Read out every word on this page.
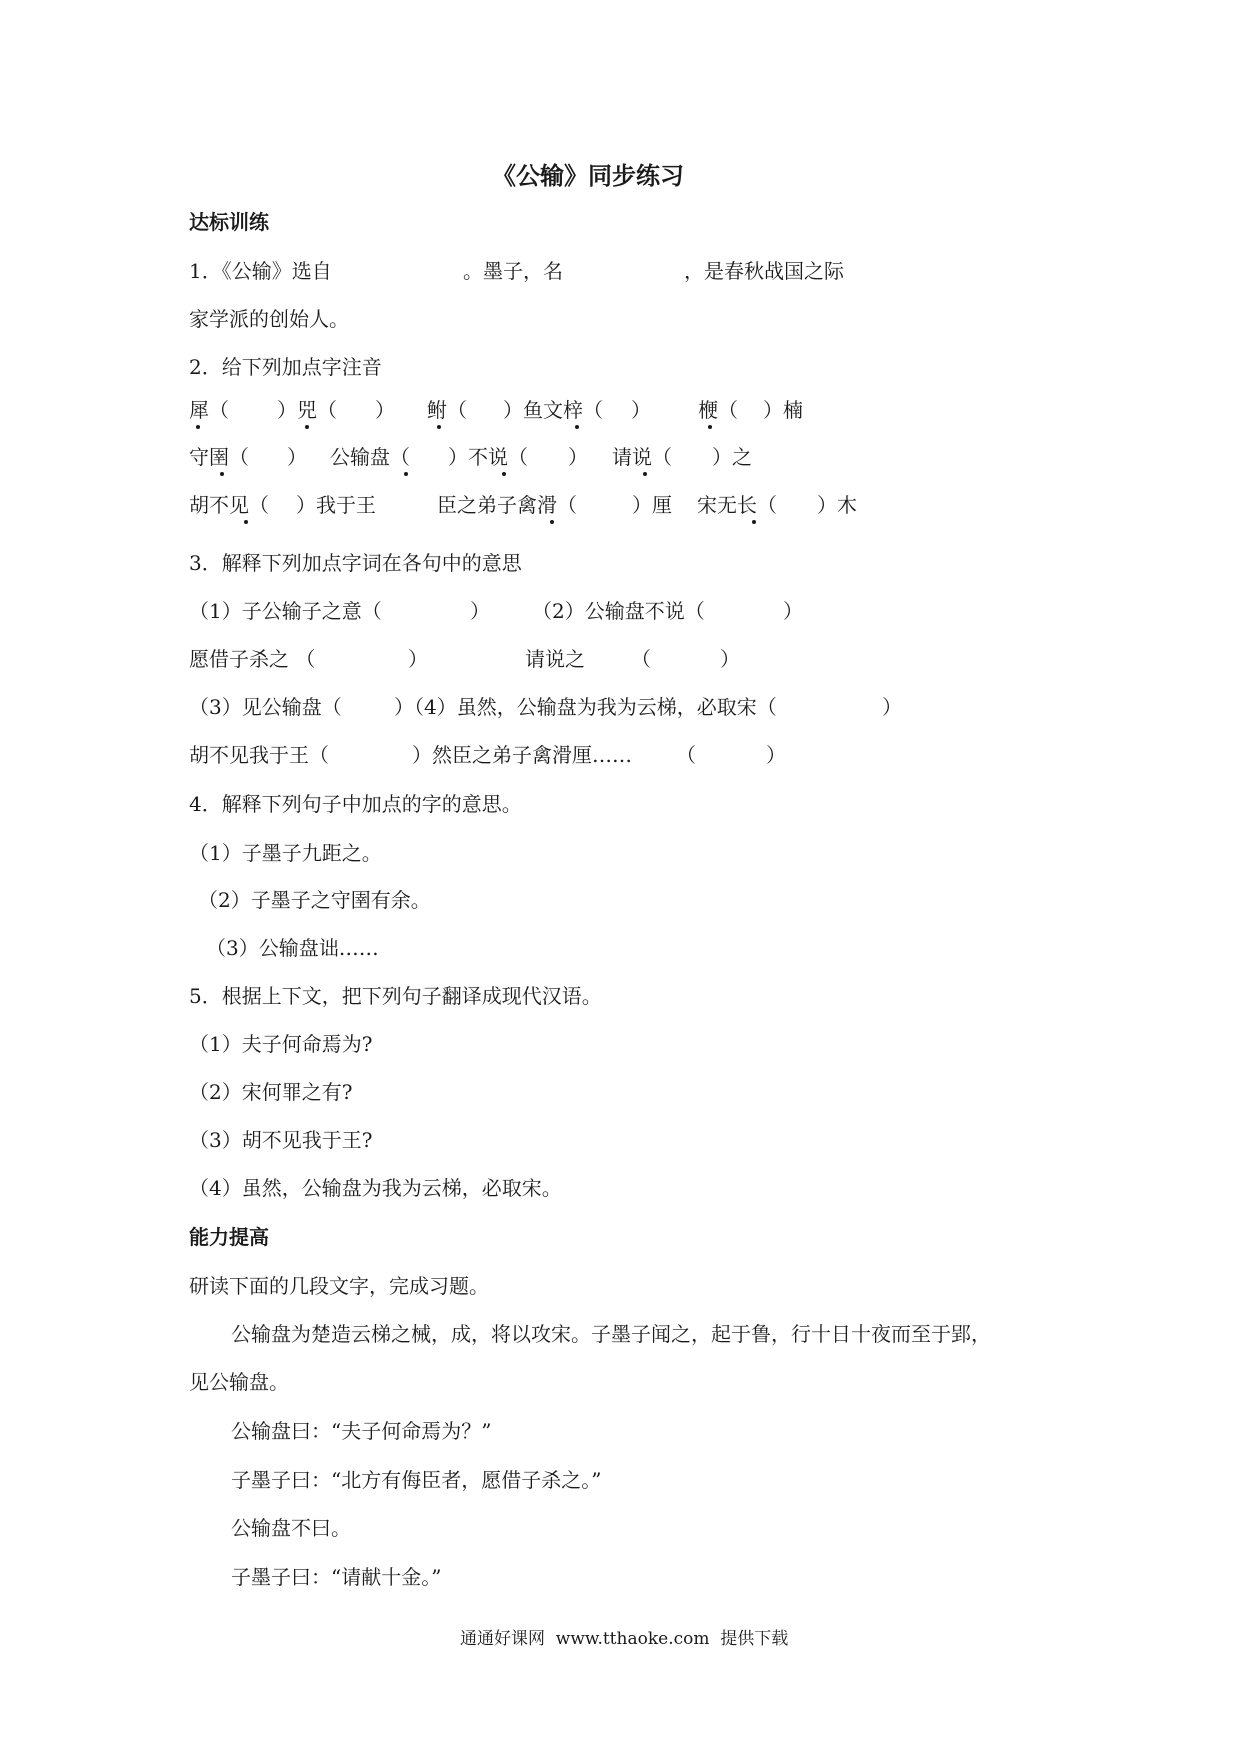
《公输》同步练习
达标训练
1．《公输》选自	。墨子，名	，是春秋战国之际
家学派的创始人。
2．给下列加点字注音
犀（ ）兕（ ） 鲋（ ）鱼文梓（ ） 楩（ ）楠
守圉（ ） 公输盘（ ）不说（ ） 请说（ ）之
胡不见（ ）我于王	臣之弟子禽滑（	）厘 宋无长（ ）木
3．解释下列加点字词在各句中的意思
（1）子公输子之意（	） （2）公输盘不说（	）
愿借子杀之 （	）	请说之 （	）
（3）见公输盘（	）（4）虽然，公输盘为我为云梯，必取宋（	）
胡不见我于王（	）然臣之弟子禽滑厘…… （	）
4．解释下列句子中加点的字的意思。
（1）子墨子九距之。
（2）子墨子之守圉有余。
（3）公输盘诎……
5．根据上下文，把下列句子翻译成现代汉语。
（1）夫子何命焉为?
（2）宋何罪之有?
（3）胡不见我于王?
（4）虽然，公输盘为我为云梯，必取宋。
能力提高
研读下面的几段文字，完成习题。
公输盘为楚造云梯之械，成，将以攻宋。子墨子闻之，起于鲁，行十日十夜而至于郢，
见公输盘。
公输盘曰：“夫子何命焉为？”
子墨子曰：“北方有侮臣者，愿借子杀之。”
公输盘不曰。
子墨子曰：“请献十金。”
通通好课网  www.tthaoke.com  提供下载
